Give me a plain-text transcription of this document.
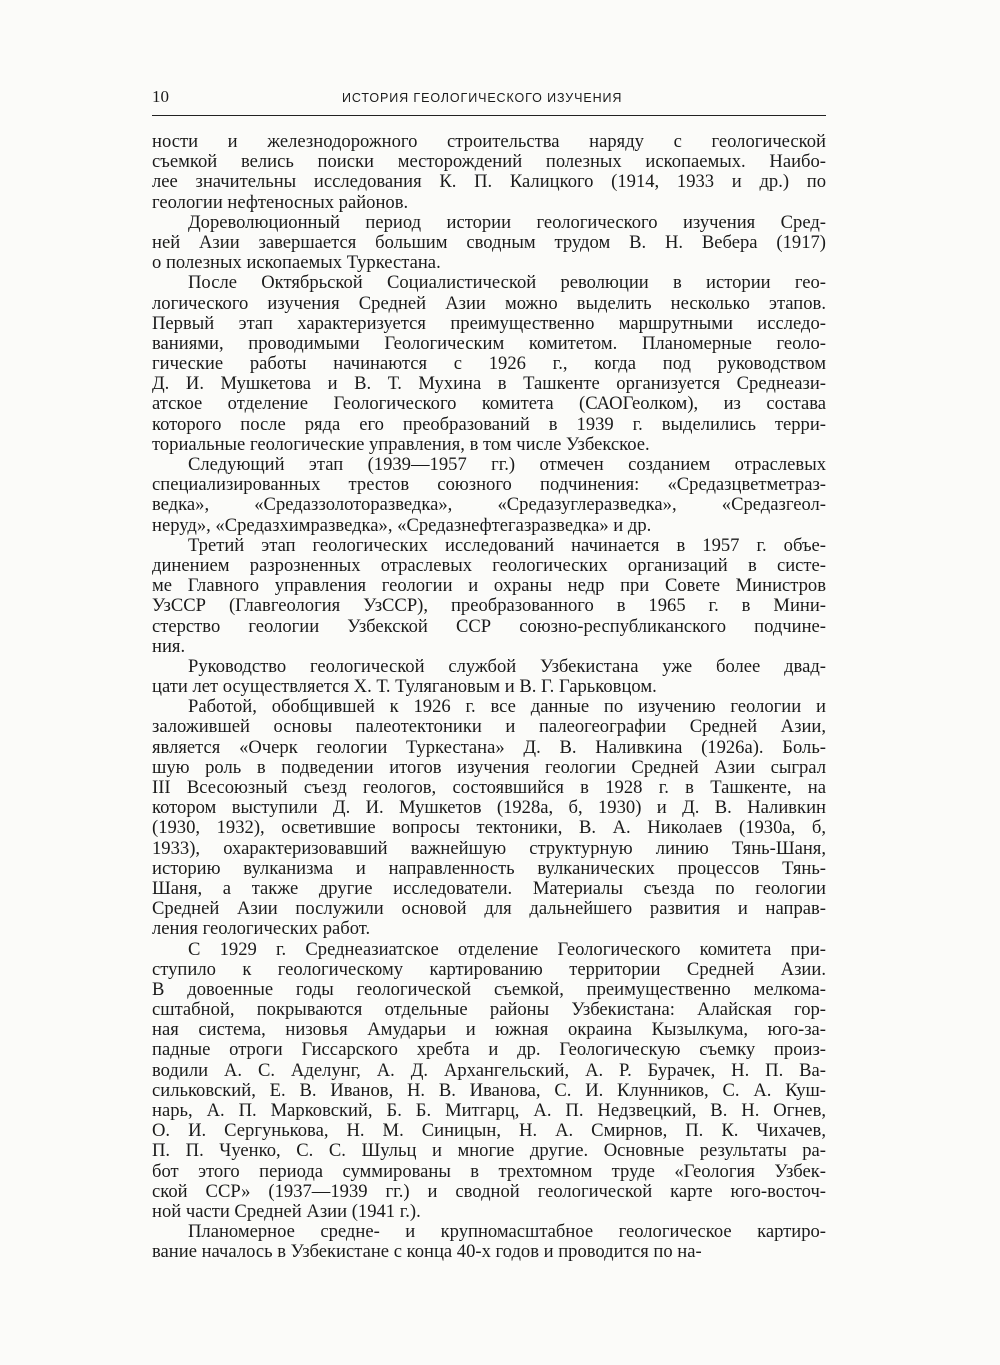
10	ИСТОРИЯ ГЕОЛОГИЧЕСКОГО ИЗУЧЕНИЯ

ности и железнодорожного строительства наряду с геологической

съемкой велись поиски месторождений полезных ископаемых. Наибо-

лее значительны исследования К. П. Калицкого (1914, 1933 и др.) по

геологии нефтеносных районов.

Дореволюционный период истории геологического изучения Сред-

ней Азии завершается большим сводным трудом В. Н. Вебера (1917)

о полезных ископаемых Туркестана.

После Октябрьской Социалистической революции в истории гео-

логического изучения Средней Азии можно выделить несколько этапов.

Первый этап характеризуется преимущественно маршрутными исследо-

ваниями, проводимыми Геологическим комитетом. Планомерные геоло-

гические работы начинаются с 1926 г., когда под руководством

Д. И. Мушкетова и В. Т. Мухина в Ташкенте организуется Среднеази-

атское отделение Геологического комитета (САОГеолком), из состава

которого после ряда его преобразований в 1939 г. выделились терри-

ториальные геологические управления, в том числе Узбекское.

Следующий этап (1939—1957 гг.) отмечен созданием отраслевых

специализированных трестов союзного подчинения: «Средазцветметраз-

ведка», «Средаззолоторазведка», «Средазуглеразведка», «Средазгеол-

неруд», «Средазхимразведка», «Средазнефтегазразведка» и др.

Третий этап геологических исследований начинается в 1957 г. объе-

динением разрозненных отраслевых геологических организаций в систе-

ме Главного управления геологии и охраны недр при Совете Министров

УзССР (Главгеология УзССР), преобразованного в 1965 г. в Мини-

стерство геологии Узбекской ССР союзно-республиканского подчине-

ния.

Руководство геологической службой Узбекистана уже более двад-

цати лет осуществляется Х. Т. Туляганoвым и В. Г. Гарьковцом.

Работой, обобщившей к 1926 г. все данные по изучению геологии и

заложившей основы палеотектоники и палеогеографии Средней Азии,

является «Очерк геологии Туркестана» Д. В. Наливкина (1926а). Боль-

шую роль в подведении итогов изучения геологии Средней Азии сыграл

III Всесоюзный съезд геологов, состоявшийся в 1928 г. в Ташкенте, на

котором выступили Д. И. Мушкетов (1928а, б, 1930) и Д. В. Наливкин

(1930, 1932), осветившие вопросы тектоники, В. А. Николаев (1930а, б,

1933), охарактеризовавший важнейшую структурную линию Тянь-Шаня,

историю вулканизма и направленность вулканических процессов Тянь-

Шаня, а также другие исследователи. Материалы съезда по геологии

Средней Азии послужили основой для дальнейшего развития и направ-

ления геологических работ.

С 1929 г. Среднеазиатское отделение Геологического комитета при-

ступило к геологическому картированию территории Средней Азии.

В довоенные годы геологической съемкой, преимущественно мелкома-

сштабной, покрываются отдельные районы Узбекистана: Алайская гор-

ная система, низовья Амударьи и южная окраина Кызылкума, юго-за-

падные отроги Гиссарского хребта и др. Геологическую съемку произ-

водили А. С. Аделунг, А. Д. Архангельский, А. Р. Бурачек, Н. П. Ва-

сильковский, Е. В. Иванов, Н. В. Иванова, С. И. Клунников, С. А. Куш-

нарь, А. П. Марковский, Б. Б. Митгарц, А. П. Недзвецкий, В. Н. Огнев,

О. И. Сергунькова, Н. М. Синицын, Н. А. Смирнов, П. К. Чихачев,

П. П. Чуенко, С. С. Шульц и многие другие. Основные результаты ра-

бот этого периода суммированы в трехтомном труде «Геология Узбек-

ской ССР» (1937—1939 гг.) и сводной геологической карте юго-восточ-

ной части Средней Азии (1941 г.).

Планомерное средне- и крупномасштабное геологическое картиро-

вание началось в Узбекистане с конца 40-х годов и проводится по на-
